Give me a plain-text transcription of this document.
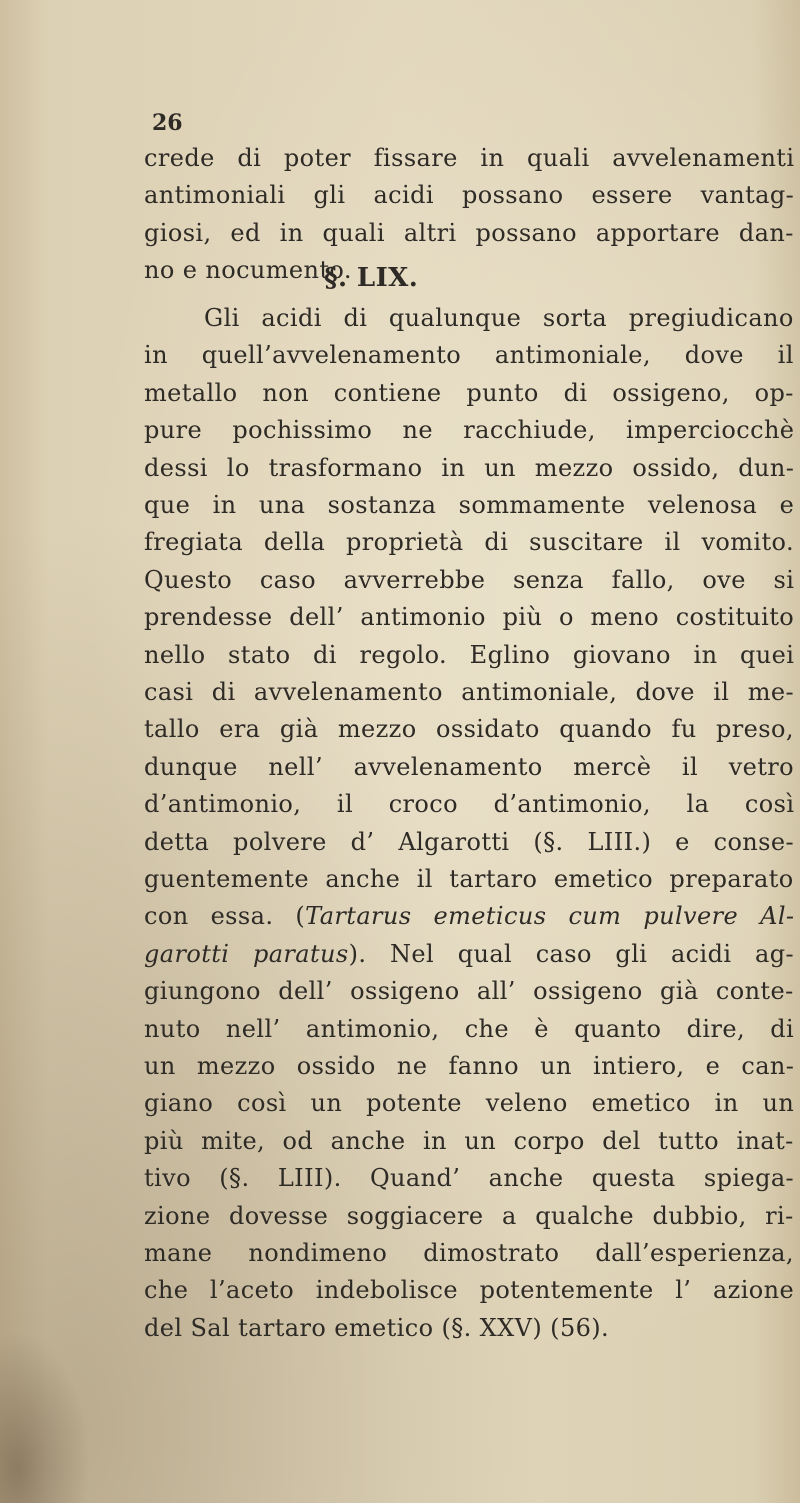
26
crede di poter fissare in quali avvelenamenti
antimoniali gli acidi possano essere vantag-
giosi, ed in quali altri possano apportare dan-
no e nocumento.
§. LIX.
Gli acidi di qualunque sorta pregiudicano
in quell’avvelenamento antimoniale, dove il
metallo non contiene punto di ossigeno, op-
pure pochissimo ne racchiude, imperciocchè
dessi lo trasformano in un mezzo ossido, dun-
que in una sostanza sommamente velenosa e
fregiata della proprietà di suscitare il vomito.
Questo caso avverrebbe senza fallo, ove si
prendesse dell’ antimonio più o meno costituito
nello stato di regolo. Eglino giovano in quei
casi di avvelenamento antimoniale, dove il me-
tallo era già mezzo ossidato quando fu preso,
dunque nell’ avvelenamento mercè il vetro
d’antimonio, il croco d’antimonio, la così
detta polvere d’ Algarotti (§. LIII.) e conse-
guentemente anche il tartaro emetico preparato
con essa. (Tartarus emeticus cum pulvere Al-
garotti paratus). Nel qual caso gli acidi ag-
giungono dell’ ossigeno all’ ossigeno già conte-
nuto nell’ antimonio, che è quanto dire, di
un mezzo ossido ne fanno un intiero, e can-
giano così un potente veleno emetico in un
più mite, od anche in un corpo del tutto inat-
tivo (§. LIII). Quand’ anche questa spiega-
zione dovesse soggiacere a qualche dubbio, ri-
mane nondimeno dimostrato dall’esperienza,
che l’aceto indebolisce potentemente l’ azione
del Sal tartaro emetico (§. XXV) (56).
